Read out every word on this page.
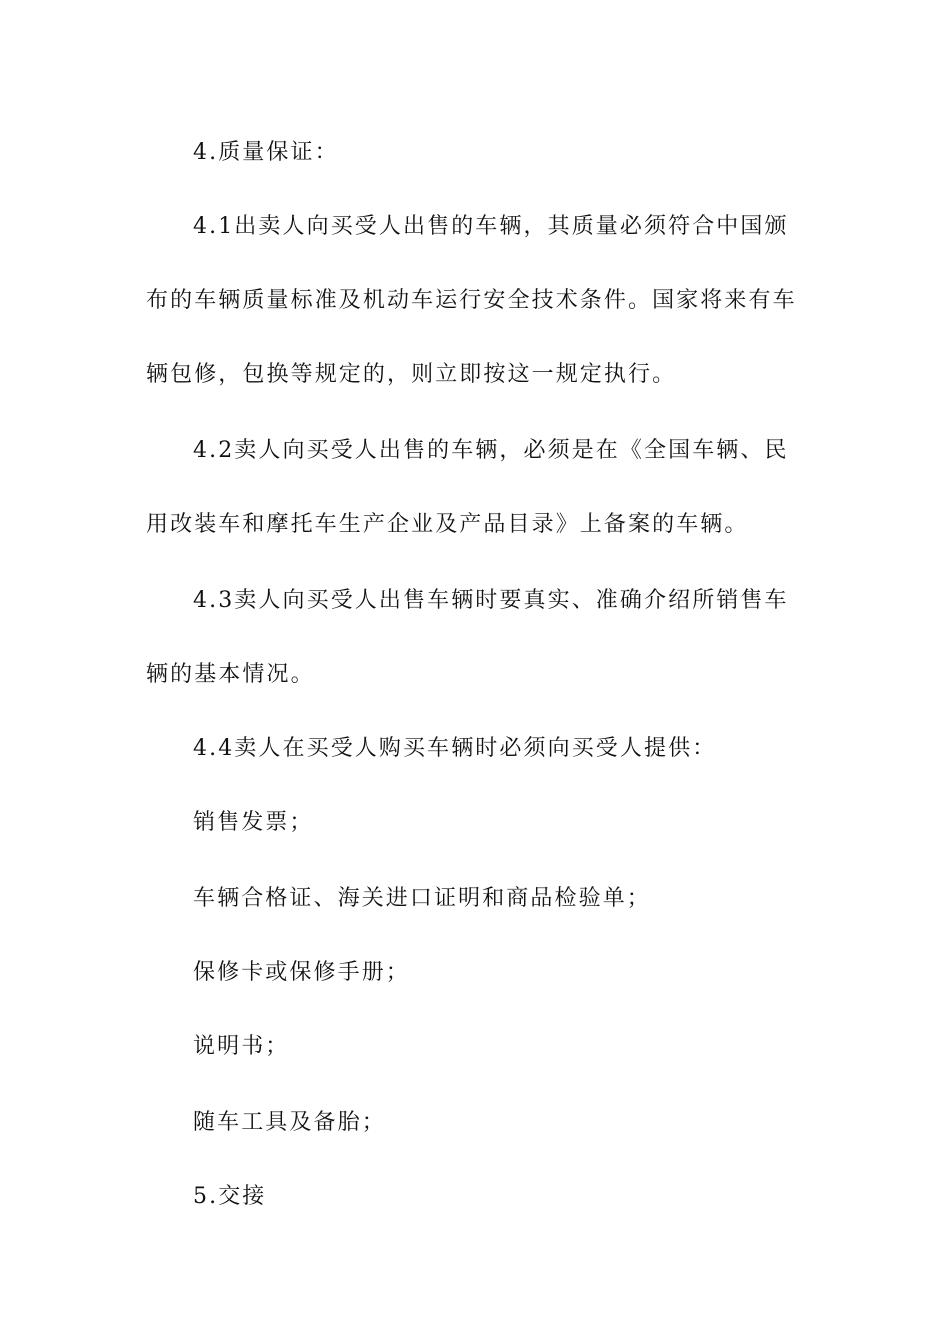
4.质量保证：
4.1出卖人向买受人出售的车辆，其质量必须符合中国颁
布的车辆质量标准及机动车运行安全技术条件。国家将来有车
辆包修，包换等规定的，则立即按这一规定执行。
4.2卖人向买受人出售的车辆，必须是在《全国车辆、民
用改装车和摩托车生产企业及产品目录》上备案的车辆。
4.3卖人向买受人出售车辆时要真实、准确介绍所销售车
辆的基本情况。
4.4卖人在买受人购买车辆时必须向买受人提供：
销售发票；
车辆合格证、海关进口证明和商品检验单；
保修卡或保修手册；
说明书；
随车工具及备胎；
5.交接
